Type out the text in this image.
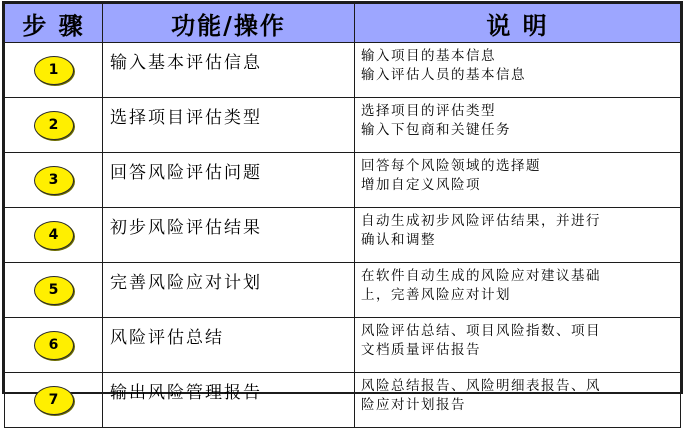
步 骤	功能/操作	说 明
1	输入基本评估信息	输入项目的基本信息
输入评估人员的基本信息

2	选择项目评估类型	选择项目的评估类型
输入下包商和关键任务

3	回答风险评估问题	回答每个风险领域的选择题
增加自定义风险项

4	初步风险评估结果	自动生成初步风险评估结果，并进行
确认和调整

5	完善风险应对计划	在软件自动生成的风险应对建议基础
上，完善风险应对计划

6	风险评估总结	风险评估总结、项目风险指数、项目
文档质量评估报告

7	输出风险管理报告	风险总结报告、风险明细表报告、风
险应对计划报告
